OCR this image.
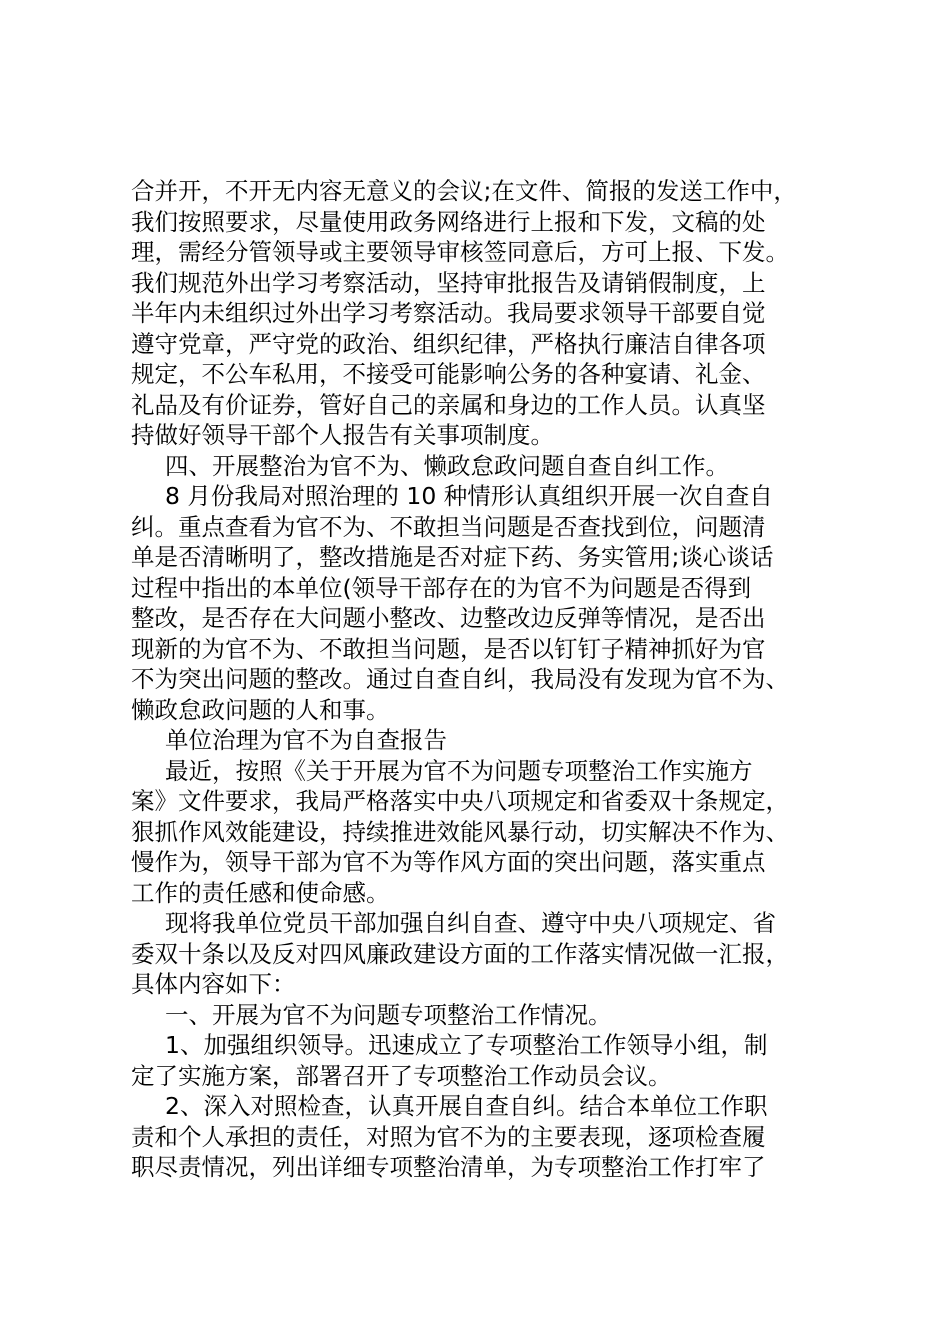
合并开，不开无内容无意义的会议;在文件、简报的发送工作中，
我们按照要求，尽量使用政务网络进行上报和下发，文稿的处
理，需经分管领导或主要领导审核签同意后，方可上报、下发。
我们规范外出学习考察活动，坚持审批报告及请销假制度，上
半年内未组织过外出学习考察活动。我局要求领导干部要自觉
遵守党章，严守党的政治、组织纪律，严格执行廉洁自律各项
规定，不公车私用，不接受可能影响公务的各种宴请、礼金、
礼品及有价证券，管好自己的亲属和身边的工作人员。认真坚
持做好领导干部个人报告有关事项制度。
四、开展整治为官不为、懒政怠政问题自查自纠工作。
8 月份我局对照治理的 10 种情形认真组织开展一次自查自
纠。重点查看为官不为、不敢担当问题是否查找到位，问题清
单是否清晰明了，整改措施是否对症下药、务实管用;谈心谈话
过程中指出的本单位(领导干部存在的为官不为问题是否得到
整改，是否存在大问题小整改、边整改边反弹等情况，是否出
现新的为官不为、不敢担当问题，是否以钉钉子精神抓好为官
不为突出问题的整改。通过自查自纠，我局没有发现为官不为、
懒政怠政问题的人和事。
单位治理为官不为自查报告
最近，按照《关于开展为官不为问题专项整治工作实施方
案》文件要求，我局严格落实中央八项规定和省委双十条规定，
狠抓作风效能建设，持续推进效能风暴行动，切实解决不作为、
慢作为，领导干部为官不为等作风方面的突出问题，落实重点
工作的责任感和使命感。
现将我单位党员干部加强自纠自查、遵守中央八项规定、省
委双十条以及反对四风廉政建设方面的工作落实情况做一汇报，
具体内容如下：
一、开展为官不为问题专项整治工作情况。
1、加强组织领导。迅速成立了专项整治工作领导小组，制
定了实施方案，部署召开了专项整治工作动员会议。
2、深入对照检查，认真开展自查自纠。结合本单位工作职
责和个人承担的责任，对照为官不为的主要表现，逐项检查履
职尽责情况，列出详细专项整治清单，为专项整治工作打牢了
